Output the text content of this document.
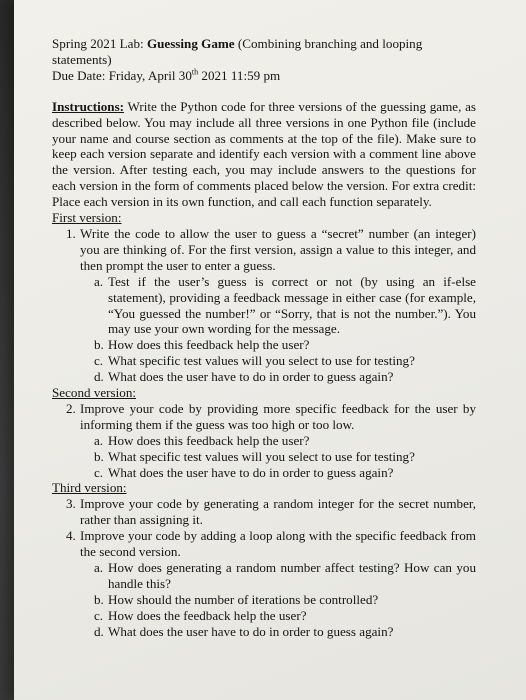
Spring 2021 Lab: Guessing Game (Combining branching and looping statements)

Due Date: Friday, April 30th 2021 11:59 pm

Instructions: Write the Python code for three versions of the guessing game, as described below. You may include all three versions in one Python file (include your name and course section as comments at the top of the file). Make sure to keep each version separate and identify each version with a comment line above the version. After testing each, you may include answers to the questions for each version in the form of comments placed below the version. For extra credit: Place each version in its own function, and call each function separately.

First version:

1. Write the code to allow the user to guess a “secret” number (an integer) you are thinking of. For the first version, assign a value to this integer, and then prompt the user to enter a guess.
a. Test if the user’s guess is correct or not (by using an if-else statement), providing a feedback message in either case (for example, “You guessed the number!” or “Sorry, that is not the number.”). You may use your own wording for the message.
b. How does this feedback help the user?
c. What specific test values will you select to use for testing?
d. What does the user have to do in order to guess again?

Second version:

2. Improve your code by providing more specific feedback for the user by informing them if the guess was too high or too low.
a. How does this feedback help the user?
b. What specific test values will you select to use for testing?
c. What does the user have to do in order to guess again?

Third version:

3. Improve your code by generating a random integer for the secret number, rather than assigning it.
4. Improve your code by adding a loop along with the specific feedback from the second version.
a. How does generating a random number affect testing? How can you handle this?
b. How should the number of iterations be controlled?
c. How does the feedback help the user?
d. What does the user have to do in order to guess again?
